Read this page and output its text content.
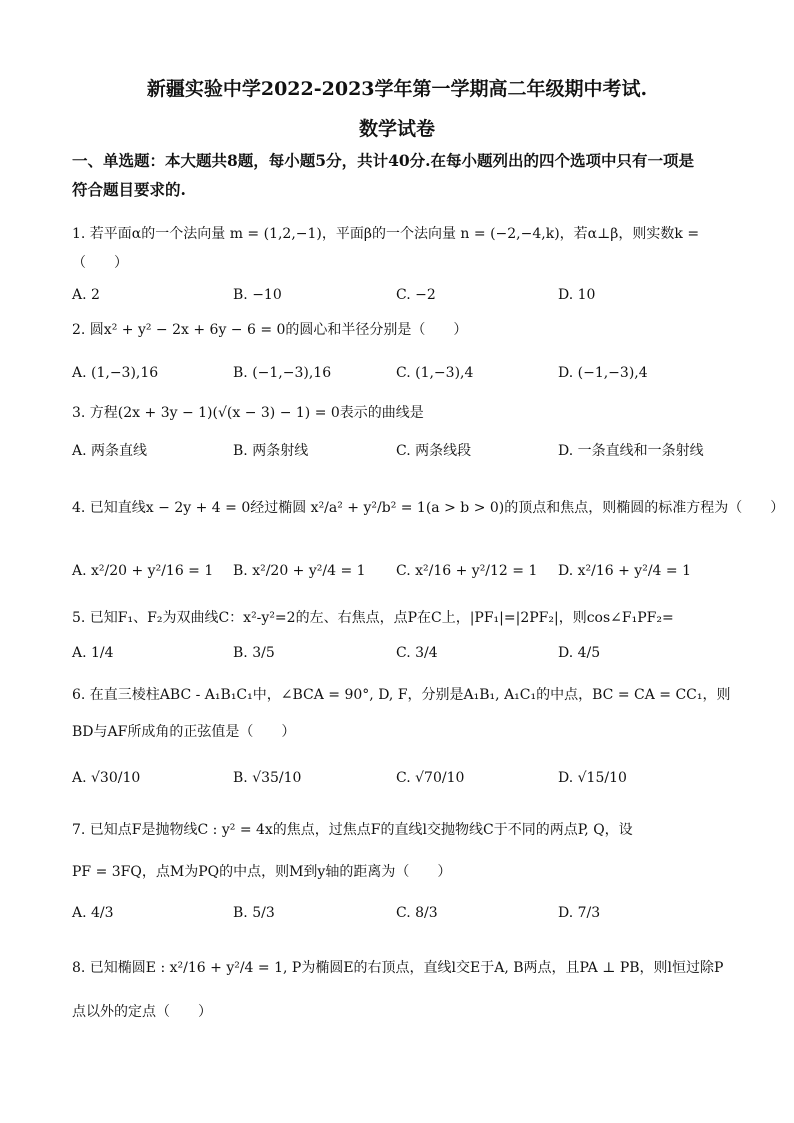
新疆实验中学2022-2023学年第一学期高二年级期中考试.
数学试卷
一、单选题：本大题共8题，每小题5分，共计40分.在每小题列出的四个选项中只有一项是
符合题目要求的.
1. 若平面α的一个法向量 m = (1,2,−1)，平面β的一个法向量 n = (−2,−4,k)，若α⊥β，则实数k =
（　　）
A. 2	B. −10	C. −2	D. 10
2. 圆x² + y² − 2x + 6y − 6 = 0的圆心和半径分别是（　　）
A. (1,−3),16	B. (−1,−3),16	C. (1,−3),4	D. (−1,−3),4
3. 方程(2x + 3y − 1)(√(x − 3) − 1) = 0表示的曲线是
A. 两条直线	B. 两条射线	C. 两条线段	D. 一条直线和一条射线
4. 已知直线x − 2y + 4 = 0经过椭圆 x²/a² + y²/b² = 1(a > b > 0)的顶点和焦点，则椭圆的标准方程为（　　）
A. x²/20 + y²/16 = 1 B. x²/20 + y²/4 = 1 C. x²/16 + y²/12 = 1 D. x²/16 + y²/4 = 1
5. 已知F₁、F₂为双曲线C：x²-y²=2的左、右焦点，点P在C上，|PF₁|=|2PF₂|，则cos∠F₁PF₂=
A. 1/4	B. 3/5	C. 3/4	D. 4/5
6. 在直三棱柱ABC - A₁B₁C₁中，∠BCA = 90°, D, F，分别是A₁B₁, A₁C₁的中点，BC = CA = CC₁，则
BD与AF所成角的正弦值是（　　）
A. √30/10	B. √35/10	C. √70/10	D. √15/10
7. 已知点F是抛物线C : y² = 4x的焦点，过焦点F的直线l交抛物线C于不同的两点P, Q，设
PF = 3FQ，点M为PQ的中点，则M到y轴的距离为（　　）
A. 4/3	B. 5/3	C. 8/3	D. 7/3
8. 已知椭圆E : x²/16 + y²/4 = 1, P为椭圆E的右顶点，直线l交E于A, B两点，且PA ⊥ PB，则l恒过除P
点以外的定点（　　）
